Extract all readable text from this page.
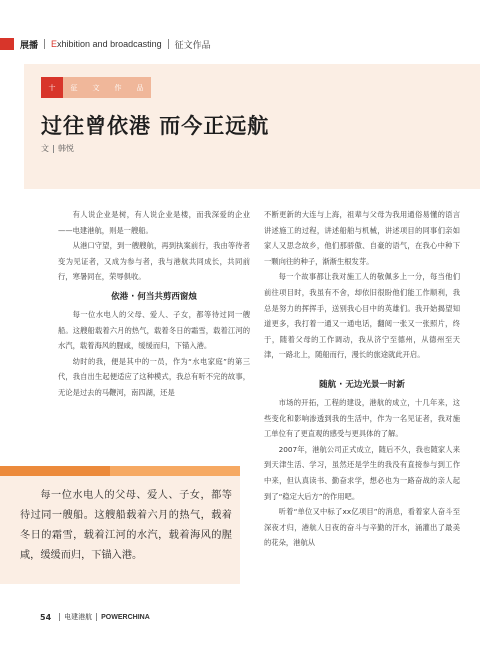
展播 Exhibition and broadcasting 征文作品
十	征	文	作	品
过往曾依港 而今正远航
文 韩悦

有人说企业是树，有人说企业是楼，而我深爱的企业——电建港航，则是一艘船。

从港口守望，到一艘艘航，再到执案前行，我由等待者变为见证者，又成为参与者，我与港航共同成长，共同前行，寒暑同在，荣辱俱收。

依港 · 何当共剪西窗烛

每一位水电人的父母、爱人、子女，都等待过同一艘船。这艘船载着六月的热气，载着冬日的霜雪，载着江河的水汽，载着海风的腥咸，缓缓而归，下锚入港。

幼时的我，便是其中的一员，作为“水电家庭”的第三代，我自出生起便适应了这种模式，我总有听不完的故事，无论是过去的马鞭河，南四湖，还是

不断更新的大连与上海，祖辈与父母为我用通俗易懂的语言讲述施工的过程，讲述船舶与机械，讲述项目的同事们亲如家人又思念故乡，他们那骄傲、自豪的语气，在我心中种下一颗向往的种子，渐渐生根发芽。

每一个故事都让我对施工人的敬佩多上一分，每当他们前往项目时，我虽有不舍，却依旧很盼他们能工作顺利，我总是努力的挥挥手，送别我心目中的英雄们。我开始揭望知道更多，我打着一通又一通电话，翻阅一张又一张照片，终于，随着父母的工作调动，我从济宁至德州，从德州至天津，一路北上，随船而行，漫长的旅途就此开启。

随航 · 无边光景一时新

市场的开拓，工程的建设，港航的成立，十几年来，这些变化和影响渗透到我的生活中，作为一名见证者，我对施工单位有了更直观的感受与更具体的了解。

2007年，港航公司正式成立，随后不久，我也随家人来到天津生活、学习，虽然还是学生的我没有直接参与到工作中来，但认真读书、勤奋求学，想必也为一路奋战的亲人起到了“稳定大后方”的作用吧。

听着“单位又中标了xx亿项目”的消息，看着家人奋斗至深夜才归，港航人日夜的奋斗与辛勤的汗水，涌灌出了最美的花朵，港航从

每一位水电人的父母、爱人、子女，都等待过同一艘船。这艘船载着六月的热气，载着冬日的霜雪，载着江河的水汽，载着海风的腥咸，缓缓而归，下锚入港。
54 电建港航 POWERCHINA
